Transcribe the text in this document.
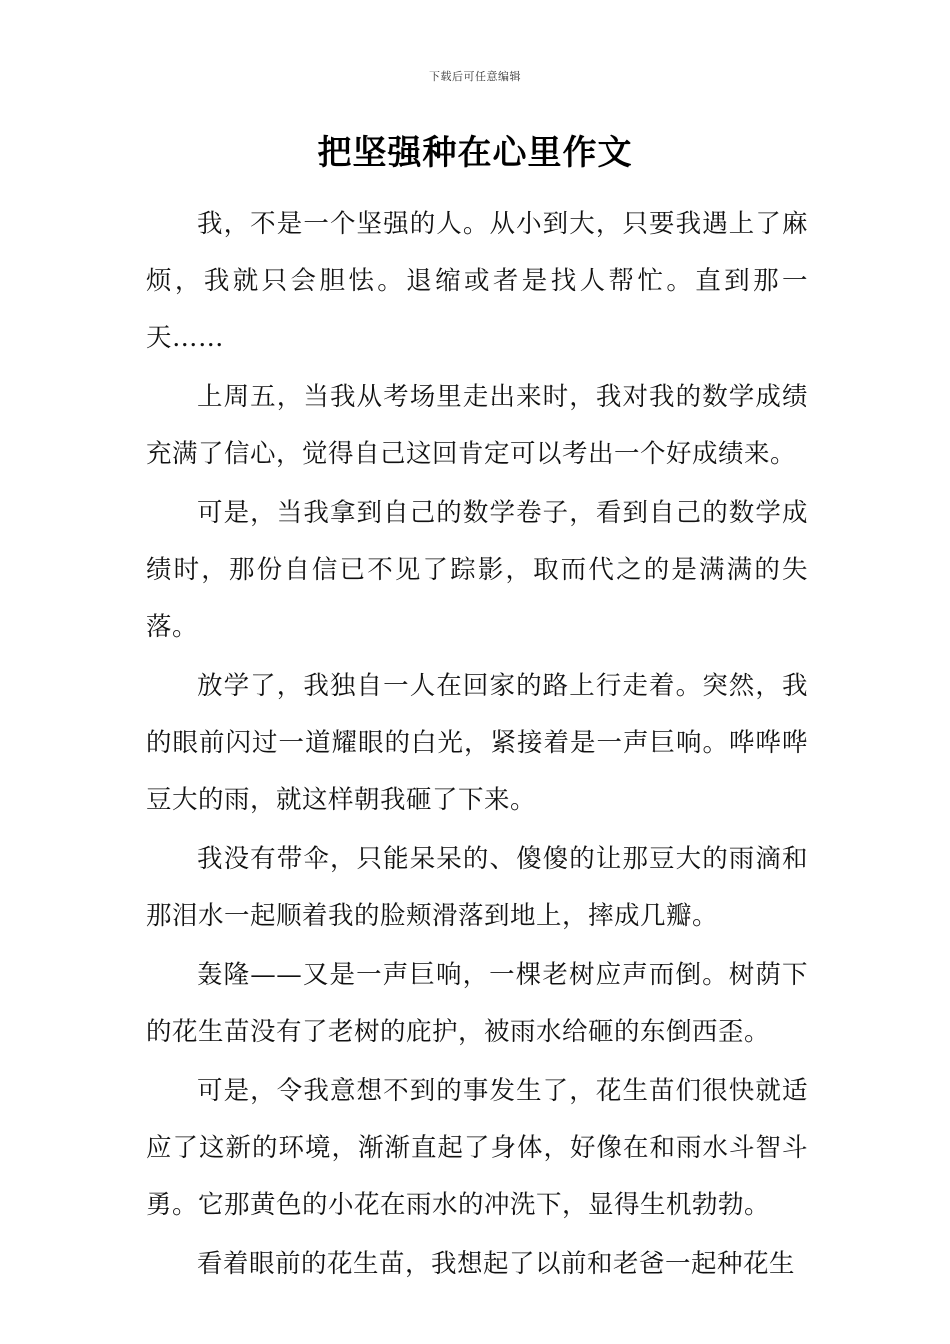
下载后可任意编辑
把坚强种在心里作文

我，不是一个坚强的人。从小到大，只要我遇上了麻烦，我就只会胆怯。退缩或者是找人帮忙。直到那一天……

上周五，当我从考场里走出来时，我对我的数学成绩充满了信心，觉得自己这回肯定可以考出一个好成绩来。

可是，当我拿到自己的数学卷子，看到自己的数学成绩时，那份自信已不见了踪影，取而代之的是满满的失落。

放学了，我独自一人在回家的路上行走着。突然，我的眼前闪过一道耀眼的白光，紧接着是一声巨响。哗哗哗豆大的雨，就这样朝我砸了下来。

我没有带伞，只能呆呆的、傻傻的让那豆大的雨滴和那泪水一起顺着我的脸颊滑落到地上，摔成几瓣。

轰隆——又是一声巨响，一棵老树应声而倒。树荫下的花生苗没有了老树的庇护，被雨水给砸的东倒西歪。

可是，令我意想不到的事发生了，花生苗们很快就适应了这新的环境，渐渐直起了身体，好像在和雨水斗智斗勇。它那黄色的小花在雨水的冲洗下，显得生机勃勃。

看着眼前的花生苗，我想起了以前和老爸一起种花生
